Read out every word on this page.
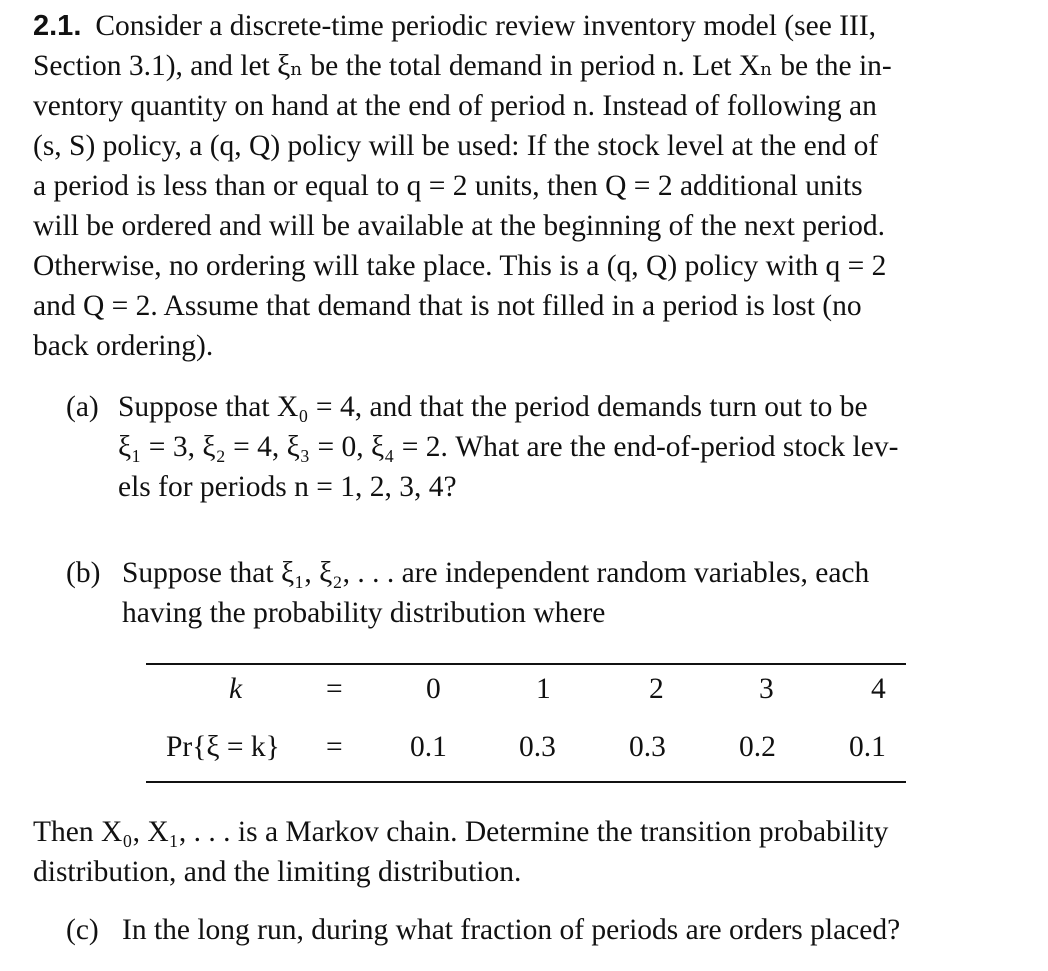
2.1. Consider a discrete-time periodic review inventory model (see III,
Section 3.1), and let ξₙ be the total demand in period n. Let Xₙ be the in-
ventory quantity on hand at the end of period n. Instead of following an
(s, S) policy, a (q, Q) policy will be used: If the stock level at the end of
a period is less than or equal to q = 2 units, then Q = 2 additional units
will be ordered and will be available at the beginning of the next period.
Otherwise, no ordering will take place. This is a (q, Q) policy with q = 2
and Q = 2. Assume that demand that is not filled in a period is lost (no
back ordering).
(a) Suppose that X₀ = 4, and that the period demands turn out to be
ξ₁ = 3, ξ₂ = 4, ξ₃ = 0, ξ₄ = 2. What are the end-of-period stock lev-
els for periods n = 1, 2, 3, 4?
(b) Suppose that ξ₁, ξ₂, . . . are independent random variables, each
having the probability distribution where
k	=	0	1	2	3	4
Pr{ξ = k} = 0.1 0.3 0.3 0.2 0.1
Then X₀, X₁, . . . is a Markov chain. Determine the transition probability
distribution, and the limiting distribution.
(c) In the long run, during what fraction of periods are orders placed?
